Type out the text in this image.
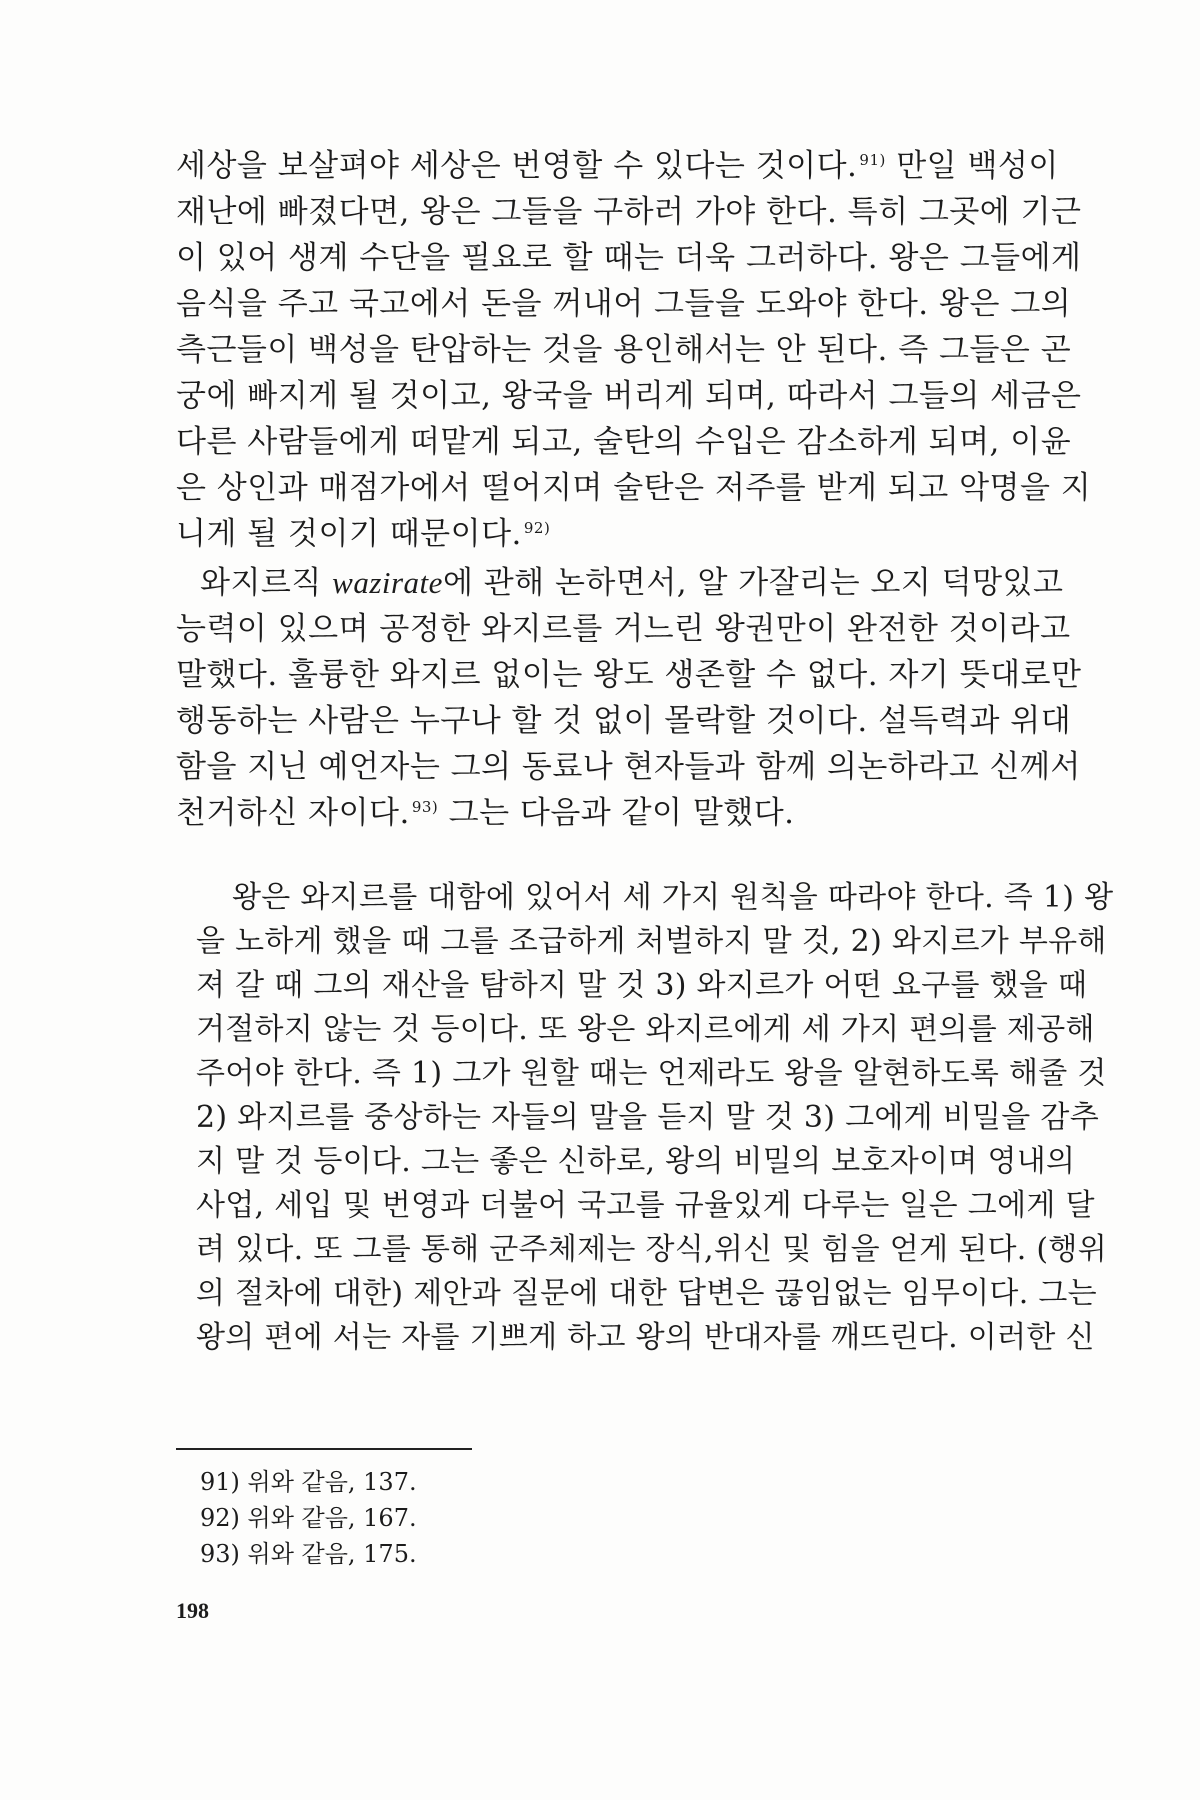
세상을 보살펴야 세상은 번영할 수 있다는 것이다. $^{91)}$ 만일 백성이
재난에 빠졌다면, 왕은 그들을 구하러 가야 한다. 특히 그곳에 기근
이 있어 생계 수단을 필요로 할 때는 더욱 그러하다. 왕은 그들에게
음식을 주고 국고에서 돈을 꺼내어 그들을 도와야 한다. 왕은 그의
측근들이 백성을 탄압하는 것을 용인해서는 안 된다. 즉 그들은 곤
궁에 빠지게 될 것이고, 왕국을 버리게 되며, 따라서 그들의 세금은
다른 사람들에게 떠맡게 되고, 술탄의 수입은 감소하게 되며, 이윤
은 상인과 매점가에서 떨어지며 술탄은 저주를 받게 되고 악명을 지
니게 될 것이기 때문이다. $^{92)}$
와지르직 wazirate에 관해 논하면서, 알 가잘리는 오지 덕망있고
능력이 있으며 공정한 와지르를 거느린 왕권만이 완전한 것이라고
말했다. 훌륭한 와지르 없이는 왕도 생존할 수 없다. 자기 뜻대로만
행동하는 사람은 누구나 할 것 없이 몰락할 것이다. 설득력과 위대
함을 지닌 예언자는 그의 동료나 현자들과 함께 의논하라고 신께서
천거하신 자이다. $^{93)}$ 그는 다음과 같이 말했다.
왕은 와지르를 대함에 있어서 세 가지 원칙을 따라야 한다. 즉 1) 왕
을 노하게 했을 때 그를 조급하게 처벌하지 말 것, 2) 와지르가 부유해
져 갈 때 그의 재산을 탐하지 말 것 3) 와지르가 어떤 요구를 했을 때
거절하지 않는 것 등이다. 또 왕은 와지르에게 세 가지 편의를 제공해
주어야 한다. 즉 1) 그가 원할 때는 언제라도 왕을 알현하도록 해줄 것
2) 와지르를 중상하는 자들의 말을 듣지 말 것 3) 그에게 비밀을 감추
지 말 것 등이다. 그는 좋은 신하로, 왕의 비밀의 보호자이며 영내의
사업, 세입 및 번영과 더불어 국고를 규율있게 다루는 일은 그에게 달
려 있다. 또 그를 통해 군주체제는 장식,위신 및 힘을 얻게 된다. (행위
의 절차에 대한) 제안과 질문에 대한 답변은 끊임없는 임무이다. 그는
왕의 편에 서는 자를 기쁘게 하고 왕의 반대자를 깨뜨린다. 이러한 신
91) 위와 같음, 137.
92) 위와 같음, 167.
93) 위와 같음, 175.
198
